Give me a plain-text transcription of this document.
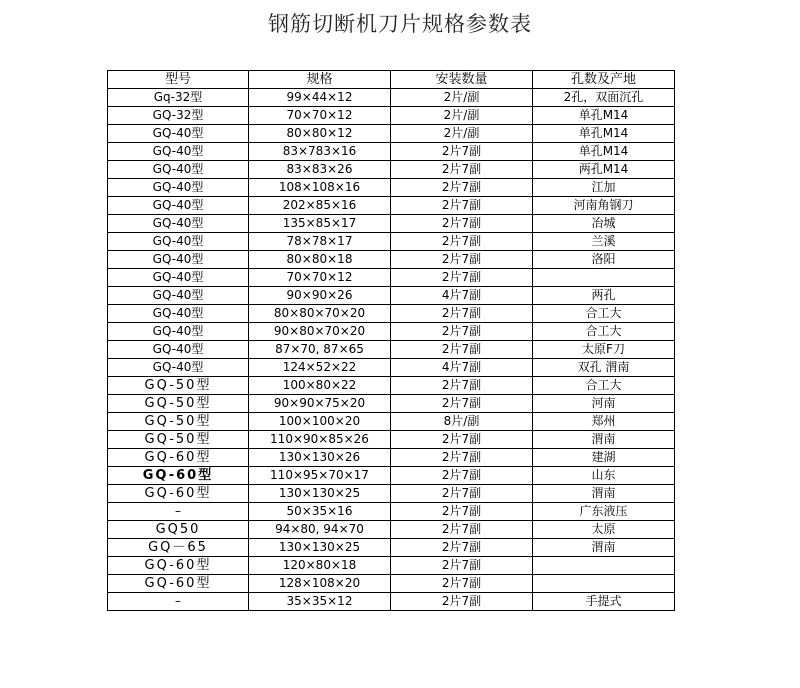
钢筋切断机刀片规格参数表
型号	规格	安装数量	孔数及产地
Gq-32型	99×44×12	2片/副	2孔，双面沉孔
GQ-32型	70×70×12	2片/副	单孔M14
GQ-40型	80×80×12	2片/副	单孔M14
GQ-40型	83×783×16	2片7副	单孔M14
GQ-40型	83×83×26	2片7副	两孔M14
GQ-40型	108×108×16	2片7副	江加
GQ-40型	202×85×16	2片7副	河南角钢刀
GQ-40型	135×85×17	2片7副	冶城
GQ-40型	78×78×17	2片7副	兰溪
GQ-40型	80×80×18	2片7副	洛阳
GQ-40型	70×70×12	2片7副	
GQ-40型	90×90×26	4片7副	两孔
GQ-40型	80×80×70×20	2片7副	合工大
GQ-40型	90×80×70×20	2片7副	合工大
GQ-40型	87×70, 87×65	2片7副	太原F刀
GQ-40型	124×52×22	4片7副	双孔 渭南
GQ-50型	100×80×22	2片7副	合工大
GQ-50型	90×90×75×20	2片7副	河南
GQ-50型	100×100×20	8片/副	郑州
GQ-50型	110×90×85×26	2片7副	渭南
GQ-60型	130×130×26	2片7副	建湖
GQ-60型	110×95×70×17	2片7副	山东
GQ-60型	130×130×25	2片7副	渭南
–	50×35×16	2片7副	广东液压
GQ50	94×80, 94×70	2片7副	太原
GQ－65	130×130×25	2片7副	渭南
GQ-60型	120×80×18	2片7副	
GQ-60型	128×108×20	2片7副	
–	35×35×12	2片7副	手提式
